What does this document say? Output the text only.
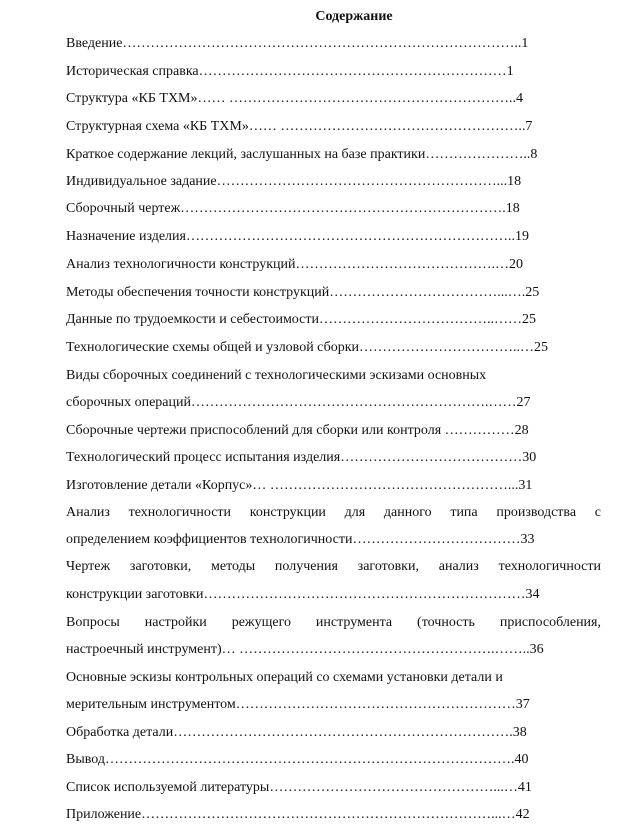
Содержание
Введение…………………………………………………………………………..1
Историческая справка…………………………………………………………1
Структура «КБ ТХМ»…… ……………………………………………………..4
Структурная схема «КБ ТХМ»…… ……………………………………………..7
Краткое содержание лекций, заслушанных на базе практики…………………..8
Индивидуальное задание……………………………………………………...18
Сборочный чертеж…………………………………………………………….18
Назначение изделия……………………………………………………………..19
Анализ технологичности конструкций…………………………………….…20
Методы обеспечения точности конструкций………………………………...….25
Данные по трудоемкости и себестоимости………………………………..……25
Технологические схемы общей и узловой сборки……………………………..…25
Виды сборочных соединений с технологическими эскизами основных
сборочных операций……………………………………………………….……27
Сборочные чертежи приспособлений для сборки или контроля ……………28
Технологический процесс испытания изделия…………………………………30
Изготовление детали «Корпус»… ……………………………………………...31
Анализ технологичности конструкции для данного типа производства с
определением коэффициентов технологичности………………………………33
Чертеж заготовки, методы получения заготовки, анализ технологичности
конструкции заготовки……………………………………………………………34
Вопросы настройки режущего инструмента (точность приспособления,
настроечный инструмент)… ……………………………………………….……..36
Основные эскизы контрольных операций со схемами установки детали и
мерительным инструментом……………………………………………………37
Обработка детали……………………………………………………………….38
Вывод…………………………………………………………………………….40
Список используемой литературы…………………………………………...…41
Приложение…………………………………………………………………...…42
